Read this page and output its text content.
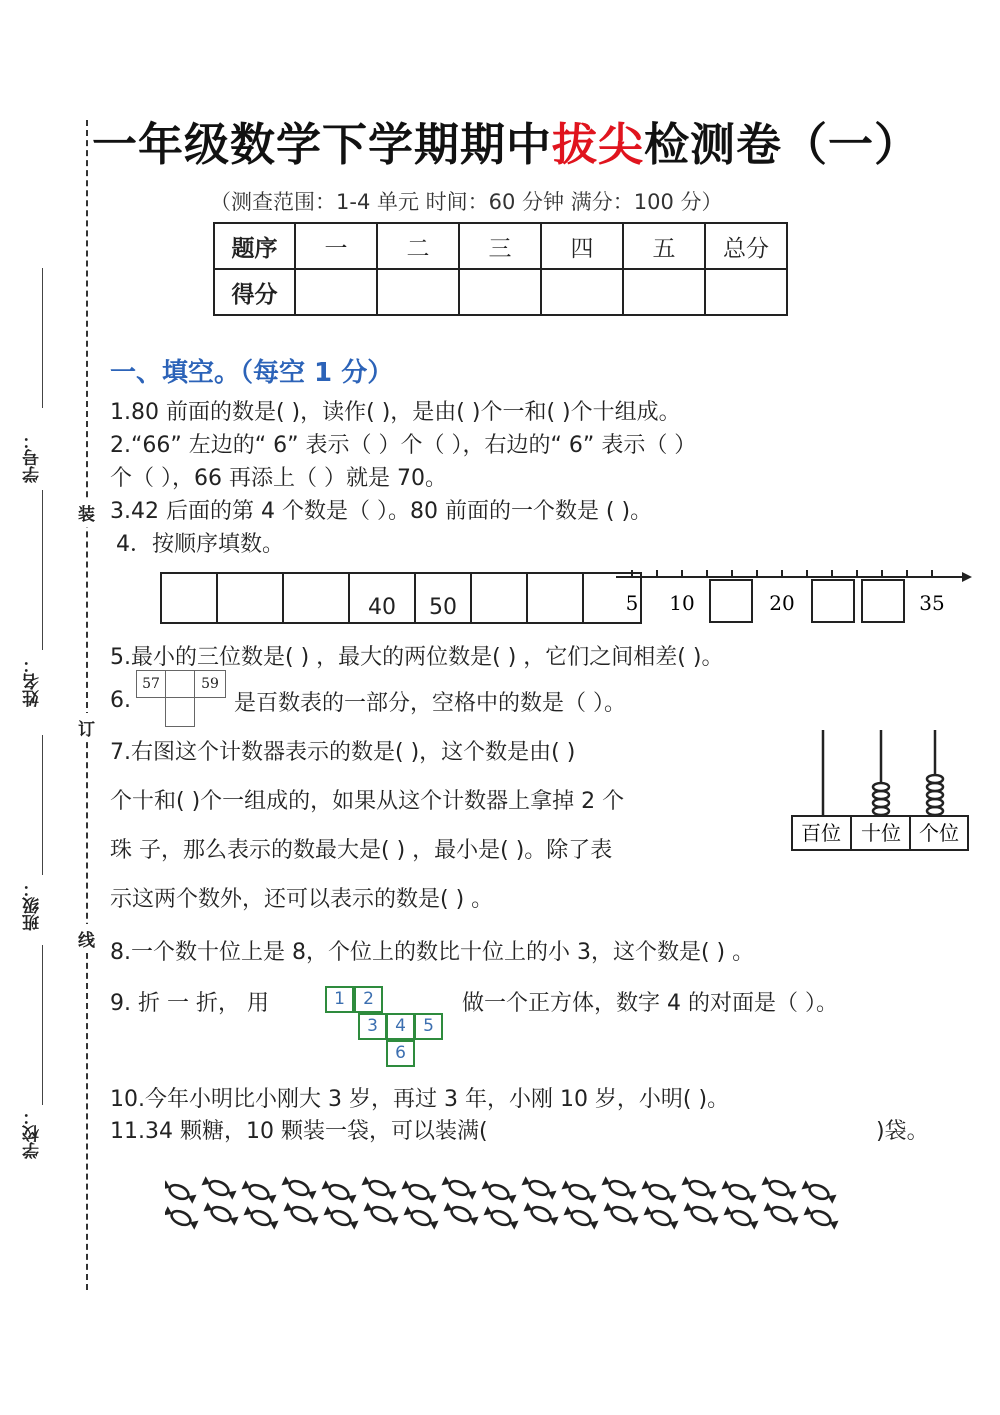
一年级数学下学期期中拔尖检测卷（一）
（测查范围：1-4 单元 时间：60 分钟 满分：100 分）
题序	一	二	三	四	五	总分
得分						
学号：
姓名：
班级：
学校：
装
订
线
一、填空。（每空 1 分）
1.80 前面的数是( )，读作( )，是由( )个一和( )个十组成。
2.“66” 左边的“ 6” 表示（ ）个（ ），右边的“ 6” 表示（ ）
个（ ），66 再添上（ ）就是 70。
3.42 后面的第 4 个数是（ ）。80 前面的一个数是 ( )。
4．按顺序填数。
40	50	5 10	20	35
5.最小的三位数是( ) ，最大的两位数是( ) ，它们之间相差( )。
6.
57	59
是百数表的一部分，空格中的数是（ ）。
7.右图这个计数器表示的数是( )，这个数是由( )
个十和( )个一组成的，如果从这个计数器上拿掉 2 个
珠 子，那么表示的数最大是( ) ，最小是( )。除了表
示这两个数外，还可以表示的数是( ) 。
百位 十位 个位
8.一个数十位上是 8，个位上的数比十位上的小 3，这个数是( ) 。
9. 折 一 折， 用	1	2
3	4	5
6
做一个正方体，数字 4 的对面是（ ）。
10.今年小明比小刚大 3 岁，再过 3 年，小刚 10 岁，小明( )。
11.34 颗糖，10 颗装一袋，可以装满(	)袋。
